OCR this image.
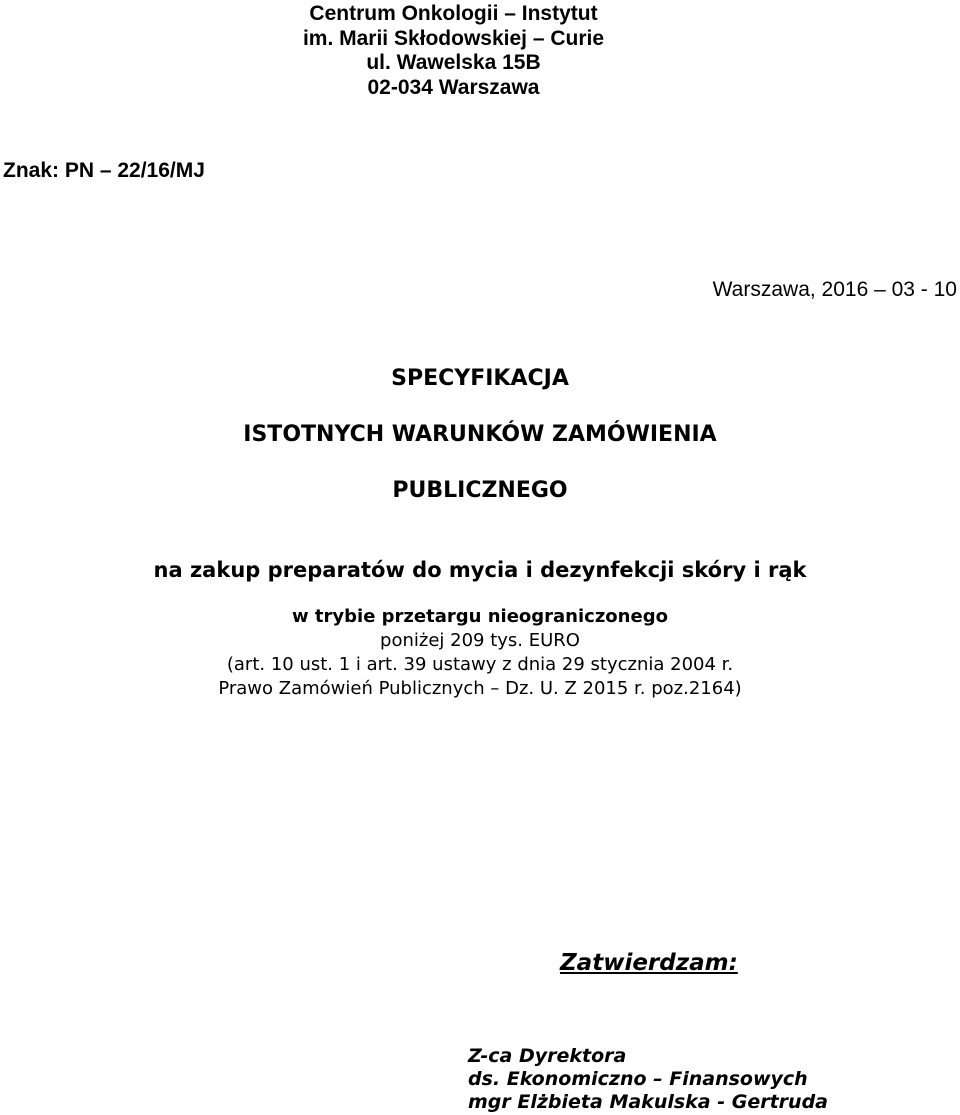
Centrum Onkologii – Instytut
im. Marii Skłodowskiej – Curie
ul. Wawelska 15B
02-034 Warszawa
Znak: PN – 22/16/MJ
Warszawa, 2016 – 03 - 10
SPECYFIKACJA
ISTOTNYCH WARUNKÓW ZAMÓWIENIA
PUBLICZNEGO
na zakup preparatów do mycia i dezynfekcji skóry i rąk
w trybie przetargu nieograniczonego
poniżej 209 tys. EURO
(art. 10 ust. 1 i art. 39 ustawy z dnia 29 stycznia 2004 r.
Prawo Zamówień Publicznych – Dz. U. Z 2015 r. poz.2164)
Zatwierdzam:
Z-ca Dyrektora
ds. Ekonomiczno – Finansowych
mgr Elżbieta Makulska - Gertruda
